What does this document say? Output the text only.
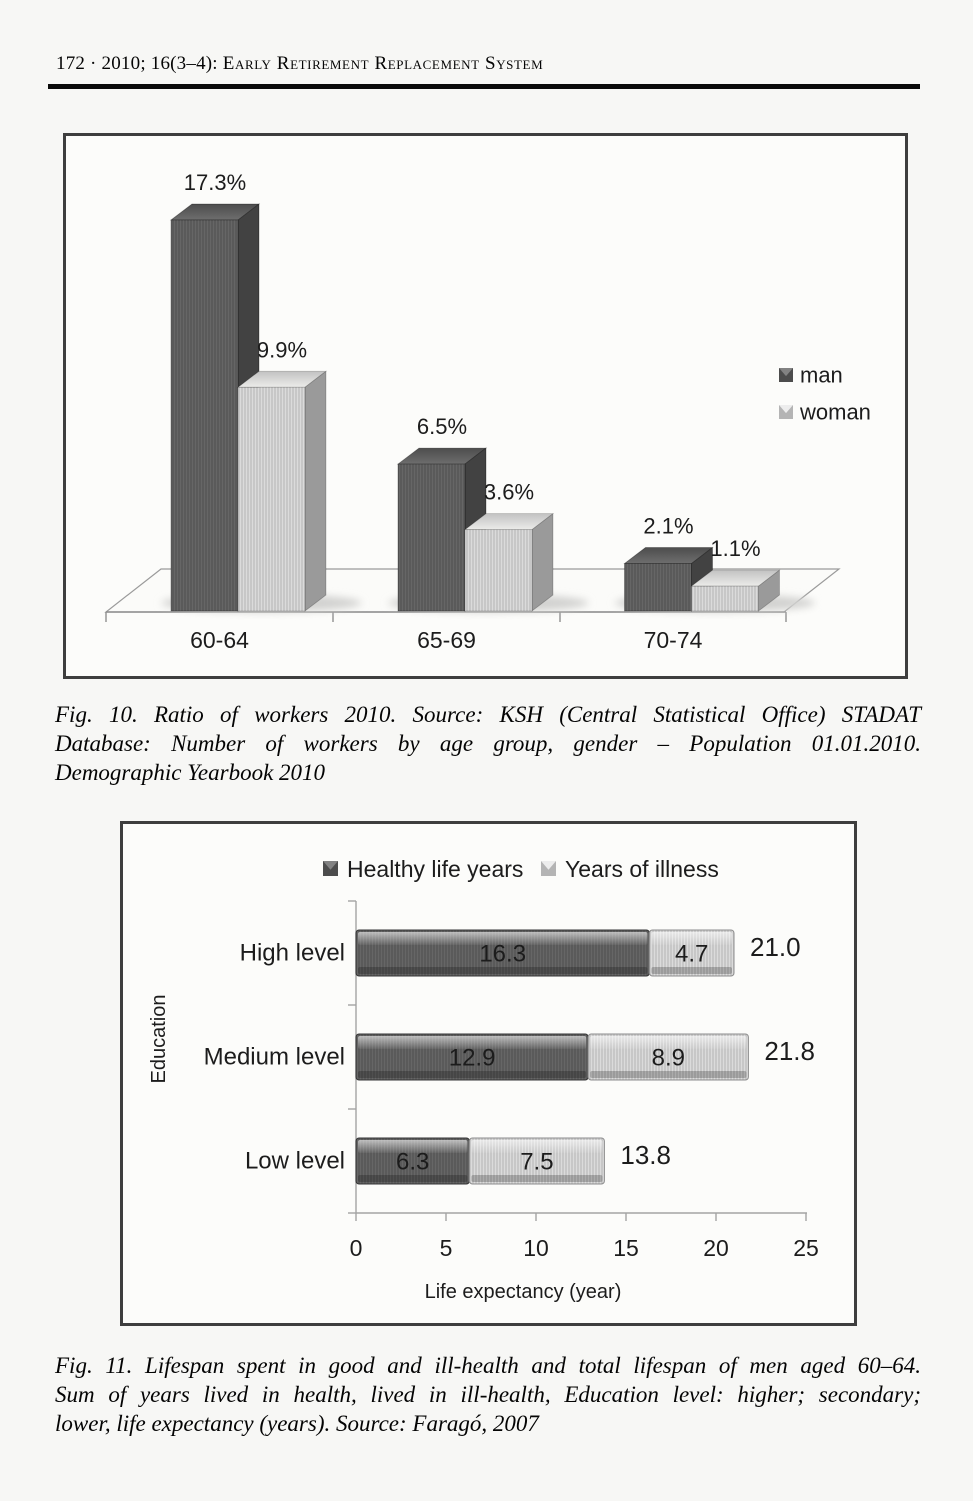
172 · 2010; 16(3–4): Early Retirement Replacement System
17.3%
6.5%
2.1%
9.9%
3.6%
1.1%
60-64	65-69	70-74
man
woman
Fig. 10. Ratio of workers 2010. Source: KSH (Central Statistical Office) STADAT
Database: Number of workers by age group, gender – Population 01.01.2010.
Demographic Yearbook 2010
Healthy life years Years of illness
16.3	4.7 21.0
High level
12.9	8.9	21.8
Medium level
6.3	7.5	13.8
Low level
0	5	10	15	20	25
Life expectancy (year)
Education
Fig. 11. Lifespan spent in good and ill-health and total lifespan of men aged 60–64.
Sum of years lived in health, lived in ill-health, Education level: higher; secondary;
lower, life expectancy (years). Source: Faragó, 2007
